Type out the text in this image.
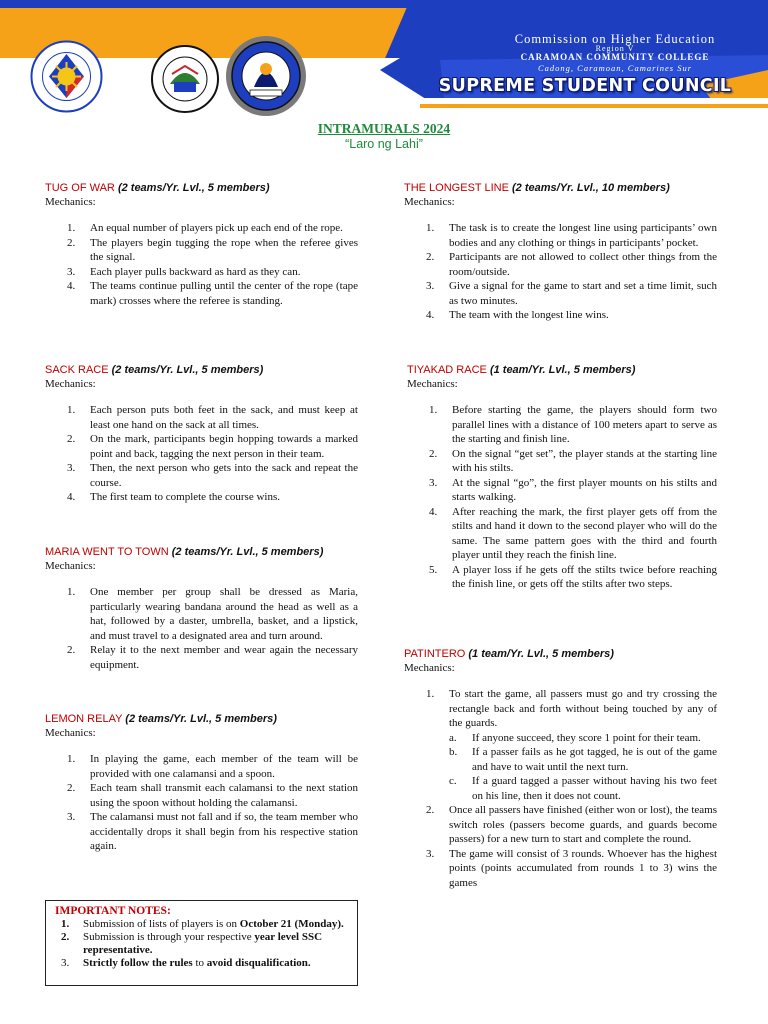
Commission on Higher Education
Region V
CARAMOAN COMMUNITY COLLEGE
Cadong, Caramoan, Camarines Sur
SUPREME STUDENT COUNCIL
INTRAMURALS 2024
“Laro ng Lahi”
TUG OF WAR (2 teams/Yr. Lvl., 5 members)
Mechanics:
1.	An equal number of players pick up each end of the rope.
2.	The players begin tugging the rope when the referee gives the signal.
3.	Each player pulls backward as hard as they can.
4.	The teams continue pulling until the center of the rope (tape mark) crosses where the referee is standing.
SACK RACE (2 teams/Yr. Lvl., 5 members)
Mechanics:
1.	Each person puts both feet in the sack, and must keep at least one hand on the sack at all times.
2.	On the mark, participants begin hopping towards a marked point and back, tagging the next person in their team.
3.	Then, the next person who gets into the sack and repeat the course.
4.	The first team to complete the course wins.
MARIA WENT TO TOWN (2 teams/Yr. Lvl., 5 members)
Mechanics:
1.	One member per group shall be dressed as Maria, particularly wearing bandana around the head as well as a hat, followed by a daster, umbrella, basket, and a lipstick, and must travel to a designated area and turn around.
2.	Relay it to the next member and wear again the necessary equipment.
LEMON RELAY (2 teams/Yr. Lvl., 5 members)
Mechanics:
1.	In playing the game, each member of the team will be provided with one calamansi and a spoon.
2.	Each team shall transmit each calamansi to the next station using the spoon without holding the calamansi.
3.	The calamansi must not fall and if so, the team member who accidentally drops it shall begin from his respective station again.
THE LONGEST LINE (2 teams/Yr. Lvl., 10 members)
Mechanics:
1.	The task is to create the longest line using participants’ own bodies and any clothing or things in participants’ pocket.
2.	Participants are not allowed to collect other things from the room/outside.
3.	Give a signal for the game to start and set a time limit, such as two minutes.
4.	The team with the longest line wins.
TIYAKAD RACE (1 team/Yr. Lvl., 5 members)
Mechanics:
1.	Before starting the game, the players should form two parallel lines with a distance of 100 meters apart to serve as the starting and finish line.
2.	On the signal “get set”, the player stands at the starting line with his stilts.
3.	At the signal “go”, the first player mounts on his stilts and starts walking.
4.	After reaching the mark, the first player gets off from the stilts and hand it down to the second player who will do the same. The same pattern goes with the third and fourth player until they reach the finish line.
5.	A player loss if he gets off the stilts twice before reaching the finish line, or gets off the stilts after two steps.
PATINTERO (1 team/Yr. Lvl., 5 members)
Mechanics:
1.	To start the game, all passers must go and try crossing the rectangle back and forth without being touched by any of the guards.
a. If anyone succeed, they score 1 point for their team.
b. If a passer fails as he got tagged, he is out of the game and have to wait until the next turn.
c. If a guard tagged a passer without having his two feet on his line, then it does not count.
2.	Once all passers have finished (either won or lost), the teams switch roles (passers become guards, and guards become passers) for a new turn to start and complete the round.
3.	The game will consist of 3 rounds. Whoever has the highest points (points accumulated from rounds 1 to 3) wins the games
IMPORTANT NOTES:
1. Submission of lists of players is on October 21 (Monday).
2. Submission is through your respective year level SSC representative.
3. Strictly follow the rules to avoid disqualification.
